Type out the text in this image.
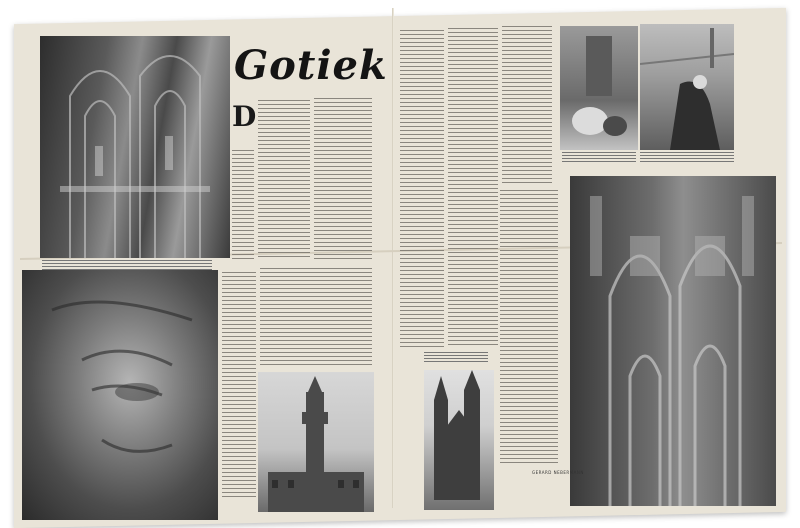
Gotiek
D
GERARD NEBERMANN
